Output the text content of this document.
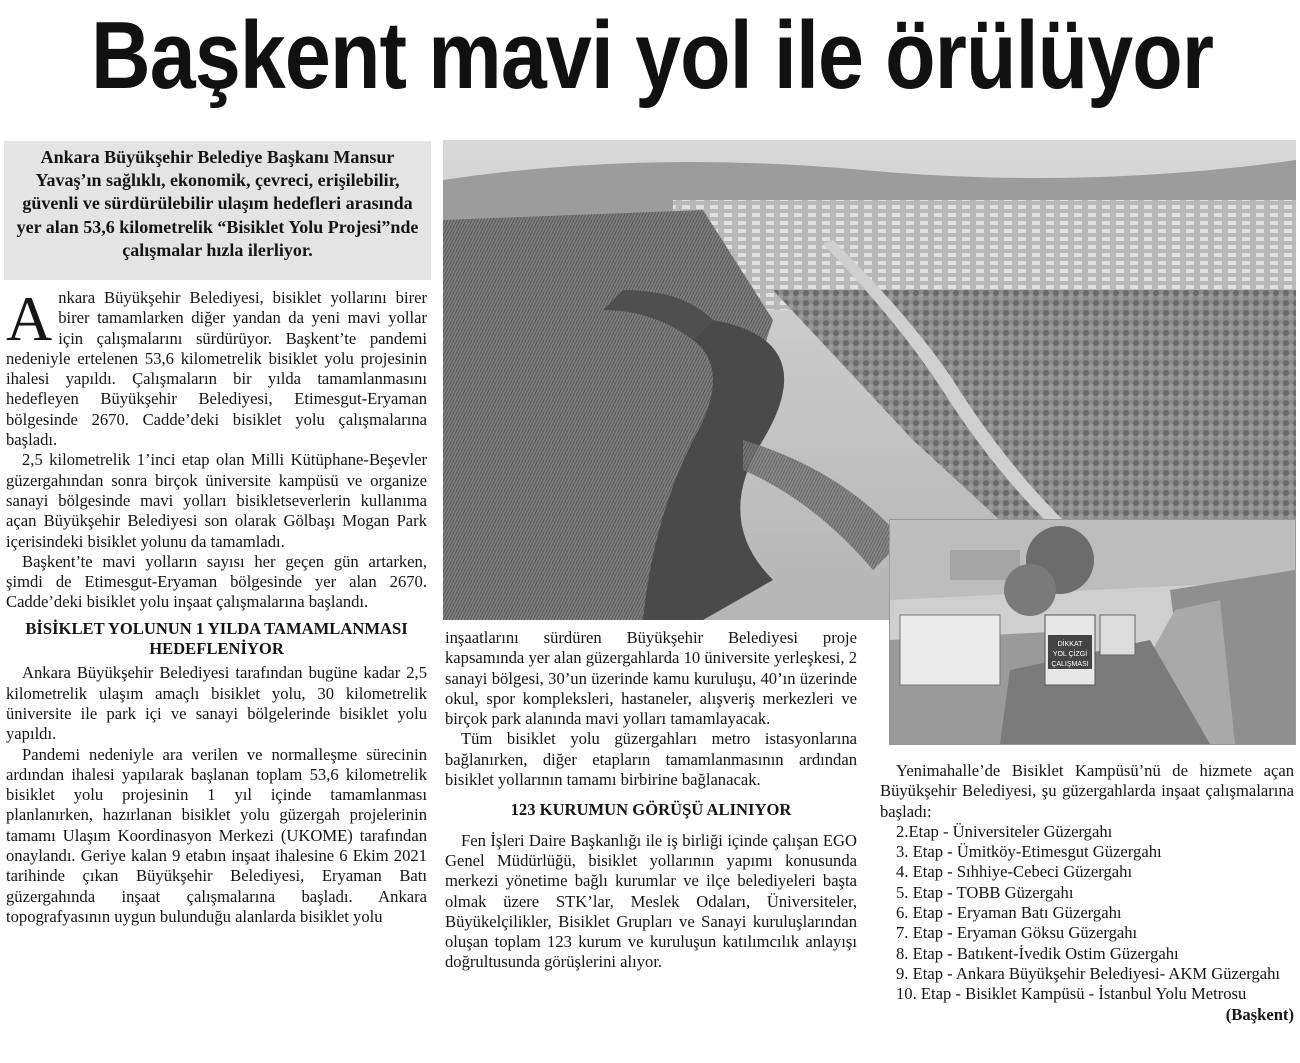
Başkent mavi yol ile örülüyor
Ankara Büyükşehir Belediye Başkanı Mansur Yavaş’ın sağlıklı, ekonomik, çevreci, erişilebilir, güvenli ve sürdürülebilir ulaşım hedefleri arasında yer alan 53,6 kilometrelik “Bisiklet Yolu Projesi”nde çalışmalar hızla ilerliyor.

Ankara Büyükşehir Belediyesi, bisiklet yollarını birer birer tamamlarken diğer yandan da yeni mavi yollar için çalışmalarını sürdürüyor. Başkent’te pandemi nedeniyle ertelenen 53,6 kilometrelik bisiklet yolu projesinin ihalesi yapıldı. Çalışmaların bir yılda tamamlanmasını hedefleyen Büyükşehir Belediyesi, Etimesgut-Eryaman bölgesinde 2670. Cadde’deki bisiklet yolu çalışmalarına başladı.

2,5 kilometrelik 1’inci etap olan Milli Kütüphane-Beşevler güzergahından sonra birçok üniversite kampüsü ve organize sanayi bölgesinde mavi yolları bisikletseverlerin kullanıma açan Büyükşehir Belediyesi son olarak Gölbaşı Mogan Park içerisindeki bisiklet yolunu da tamamladı.

Başkent’te mavi yolların sayısı her geçen gün artarken, şimdi de Etimesgut-Eryaman bölgesinde yer alan 2670. Cadde’deki bisiklet yolu inşaat çalışmalarına başlandı.

BİSİKLET YOLUNUN 1 YILDA TAMAMLANMASI HEDEFLENİYOR

Ankara Büyükşehir Belediyesi tarafından bugüne kadar 2,5 kilometrelik ulaşım amaçlı bisiklet yolu, 30 kilometrelik üniversite ile park içi ve sanayi bölgelerinde bisiklet yolu yapıldı.

Pandemi nedeniyle ara verilen ve normalleşme sürecinin ardından ihalesi yapılarak başlanan toplam 53,6 kilometrelik bisiklet yolu projesinin 1 yıl içinde tamamlanması planlanırken, hazırlanan bisiklet yolu güzergah projelerinin tamamı Ulaşım Koordinasyon Merkezi (UKOME) tarafından onaylandı. Geriye kalan 9 etabın inşaat ihalesine 6 Ekim 2021 tarihinde çıkan Büyükşehir Belediyesi, Eryaman Batı güzergahında inşaat çalışmalarına başladı. Ankara topografyasının uygun bulunduğu alanlarda bisiklet yolu

inşaatlarını sürdüren Büyükşehir Belediyesi proje kapsamında yer alan güzergahlarda 10 üniversite yerleşkesi, 2 sanayi bölgesi, 30’un üzerinde kamu kuruluşu, 40’ın üzerinde okul, spor kompleksleri, hastaneler, alışveriş merkezleri ve birçok park alanında mavi yolları tamamlayacak.

Tüm bisiklet yolu güzergahları metro istasyonlarına bağlanırken, diğer etapların tamamlanmasının ardından bisiklet yollarının tamamı birbirine bağlanacak.

123 KURUMUN GÖRÜŞÜ ALINIYOR

Fen İşleri Daire Başkanlığı ile iş birliği içinde çalışan EGO Genel Müdürlüğü, bisiklet yollarının yapımı konusunda merkezi yönetime bağlı kurumlar ve ilçe belediyeleri başta olmak üzere STK’lar, Meslek Odaları, Üniversiteler, Büyükelçilikler, Bisiklet Grupları ve Sanayi kuruluşlarından oluşan toplam 123 kurum ve kuruluşun katılımcılık anlayışı doğrultusunda görüşlerini alıyor.

DİKKAT
YOL ÇİZGİ
ÇALIŞMASI

Yenimahalle’de Bisiklet Kampüsü’nü de hizmete açan Büyükşehir Belediyesi, şu güzergahlarda inşaat çalışmalarına başladı:

2.Etap - Üniversiteler Güzergahı

3. Etap - Ümitköy-Etimesgut Güzergahı

4. Etap - Sıhhiye-Cebeci Güzergahı

5. Etap - TOBB Güzergahı

6. Etap - Eryaman Batı Güzergahı

7. Etap - Eryaman Göksu Güzergahı

8. Etap - Batıkent-İvedik Ostim Güzergahı

9. Etap - Ankara Büyükşehir Belediyesi- AKM Güzergahı

10. Etap - Bisiklet Kampüsü - İstanbul Yolu Metrosu

(Başkent)
